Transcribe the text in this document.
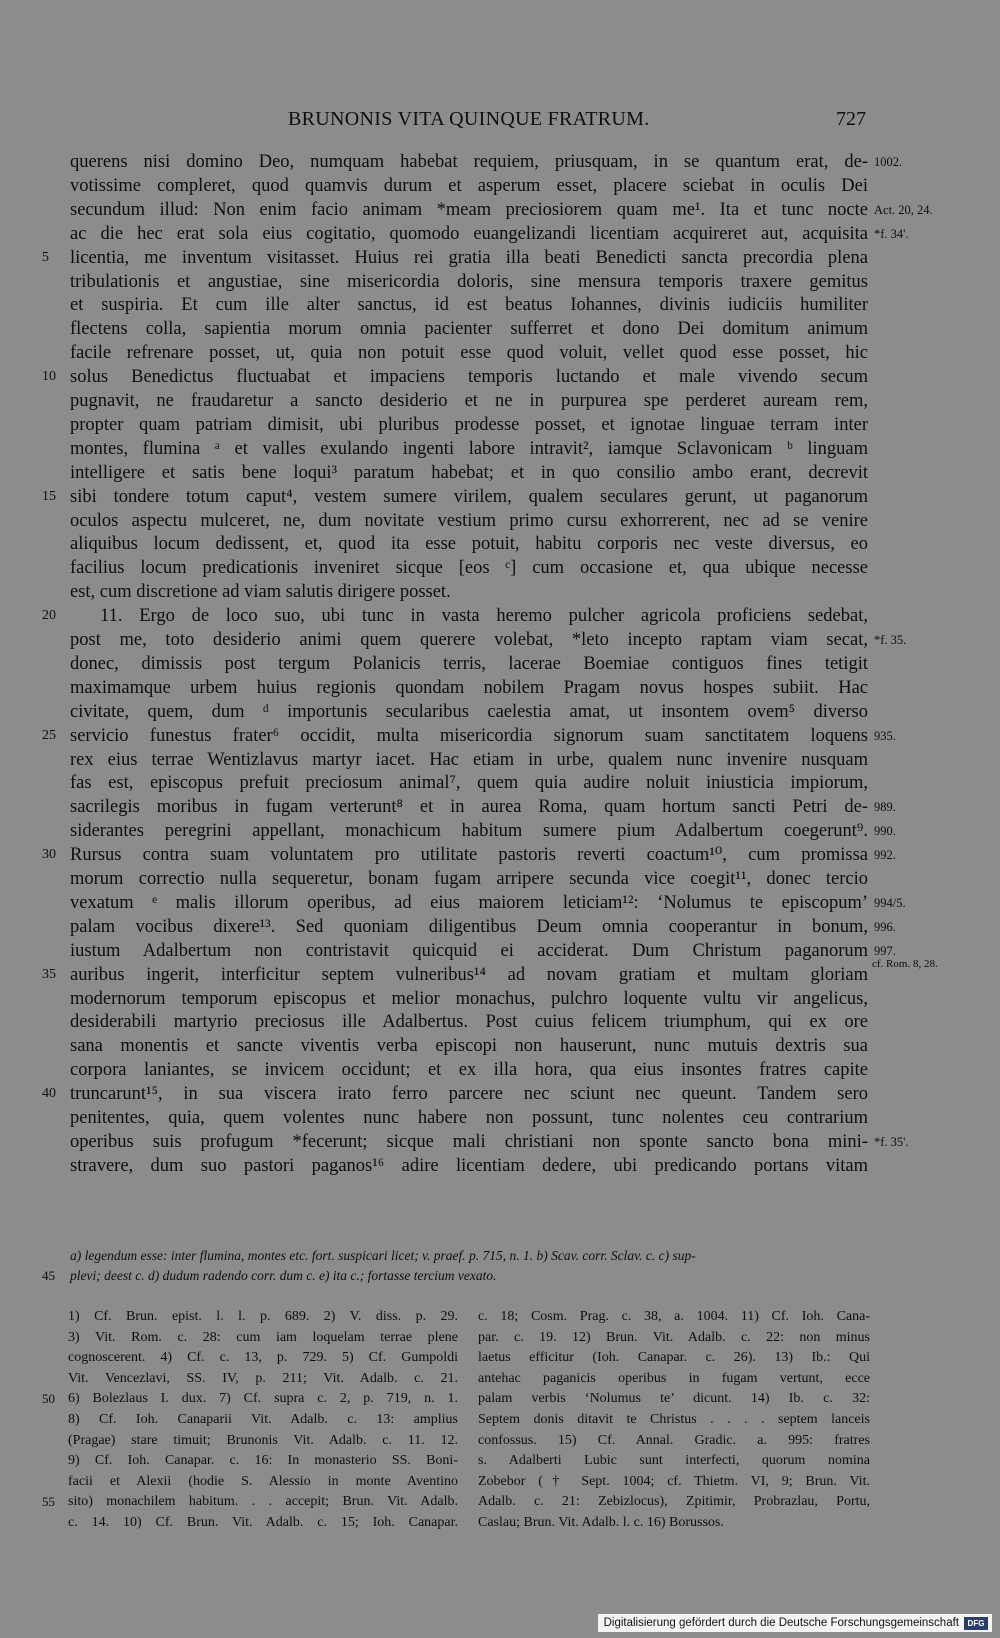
BRUNONIS VITA QUINQUE FRATRUM.	727
querens nisi domino Deo, numquam habebat requiem, priusquam, in se quantum erat, de- 1002.
votissime compleret, quod quamvis durum et asperum esset, placere sciebat in oculis Dei
secundum illud: Non enim facio animam *meam preciosiorem quam me¹. Ita et tunc nocte Act. 20, 24.
ac die hec erat sola eius cogitatio, quomodo euangelizandi licentiam acquireret aut, acquisita *f. 34'.
5	licentia, me inventum visitasset. Huius rei gratia illa beati Benedicti sancta precordia plena
tribulationis et angustiae, sine misericordia doloris, sine mensura temporis traxere gemitus
et suspiria. Et cum ille alter sanctus, id est beatus Iohannes, divinis iudiciis humiliter
flectens colla, sapientia morum omnia pacienter sufferret et dono Dei domitum animum
facile refrenare posset, ut, quia non potuit esse quod voluit, vellet quod esse posset, hic
10 solus Benedictus fluctuabat et impaciens temporis luctando et male vivendo secum
pugnavit, ne fraudaretur a sancto desiderio et ne in purpurea spe perderet auream rem,
propter quam patriam dimisit, ubi pluribus prodesse posset, et ignotae linguae terram inter
montes, flumina ᵃ et valles exulando ingenti labore intravit², iamque Sclavonicam ᵇ linguam
intelligere et satis bene loqui³ paratum habebat; et in quo consilio ambo erant, decrevit
15 sibi tondere totum caput⁴, vestem sumere virilem, qualem seculares gerunt, ut paganorum
oculos aspectu mulceret, ne, dum novitate vestium primo cursu exhorrerent, nec ad se venire
aliquibus locum dedissent, et, quod ita esse potuit, habitu corporis nec veste diversus, eo
facilius locum predicationis inveniret sicque [eos ᶜ] cum occasione et, qua ubique necesse
est, cum discretione ad viam salutis dirigere posset.
20	11. Ergo de loco suo, ubi tunc in vasta heremo pulcher agricola proficiens sedebat,
post me, toto desiderio animi quem querere volebat, *leto incepto raptam viam secat, *f. 35.
donec, dimissis post tergum Polanicis terris, lacerae Boemiae contiguos fines tetigit
maximamque urbem huius regionis quondam nobilem Pragam novus hospes subiit. Hac
civitate, quem, dum ᵈ importunis secularibus caelestia amat, ut insontem ovem⁵ diverso
25 servicio funestus frater⁶ occidit, multa misericordia signorum suam sanctitatem loquens 935.
rex eius terrae Wentizlavus martyr iacet. Hac etiam in urbe, qualem nunc invenire nusquam
fas est, episcopus prefuit preciosum animal⁷, quem quia audire noluit iniusticia impiorum,
sacrilegis moribus in fugam verterunt⁸ et in aurea Roma, quam hortum sancti Petri de- 989.
siderantes peregrini appellant, monachicum habitum sumere pium Adalbertum coegerunt⁹. 990.
30 Rursus contra suam voluntatem pro utilitate pastoris reverti coactum¹⁰, cum promissa 992.
morum correctio nulla sequeretur, bonam fugam arripere secunda vice coegit¹¹, donec tercio
vexatum ᵉ malis illorum operibus, ad eius maiorem leticiam¹²: ‘Nolumus te episcopum’ 994/5.
palam vocibus dixere¹³. Sed quoniam diligentibus Deum omnia cooperantur in bonum, 996.
iustum Adalbertum non contristavit quicquid ei acciderat. Dum Christum paganorum 997.
35 auribus ingerit, interficitur septem vulneribus¹⁴ ad novam gratiam et multam gloriam
modernorum temporum episcopus et melior monachus, pulchro loquente vultu vir angelicus,
desiderabili martyrio preciosus ille Adalbertus. Post cuius felicem triumphum, qui ex ore
sana monentis et sancte viventis verba episcopi non hauserunt, nunc mutuis dextris sua
corpora laniantes, se invicem occidunt; et ex illa hora, qua eius insontes fratres capite
40 truncarunt¹⁵, in sua viscera irato ferro parcere nec sciunt nec queunt. Tandem sero
penitentes, quia, quem volentes nunc habere non possunt, tunc nolentes ceu contrarium
operibus suis profugum *fecerunt; sicque mali christiani non sponte sancto bona mini- *f. 35'.
stravere, dum suo pastori paganos¹⁶ adire licentiam dedere, ubi predicando portans vitam
cf. Rom. 8, 28.
a) legendum esse: inter flumina, montes etc. fort. suspicari licet; v. praef. p. 715, n. 1. b) Scav. corr. Sclav. c. c) sup-
45 plevi; deest c. d) dudum radendo corr. dum c. e) ita c.; fortasse tercium vexato.
1) Cf. Brun. epist. l. l. p. 689. 2) V. diss. p. 29. c. 18; Cosm. Prag. c. 38, a. 1004. 11) Cf. Ioh. Cana-
3) Vit. Rom. c. 28: cum iam loquelam terrae plene par. c. 19. 12) Brun. Vit. Adalb. c. 22: non minus
cognoscerent. 4) Cf. c. 13, p. 729. 5) Cf. Gumpoldi laetus efficitur (Ioh. Canapar. c. 26). 13) Ib.: Qui
Vit. Vencezlavi, SS. IV, p. 211; Vit. Adalb. c. 21. antehac paganicis operibus in fugam vertunt, ecce
50 6) Bolezlaus I. dux. 7) Cf. supra c. 2, p. 719, n. 1. palam verbis ‘Nolumus te’ dicunt. 14) Ib. c. 32:
8) Cf. Ioh. Canaparii Vit. Adalb. c. 13: amplius Septem donis ditavit te Christus . . . . septem lanceis
(Pragae) stare timuit; Brunonis Vit. Adalb. c. 11. 12. confossus. 15) Cf. Annal. Gradic. a. 995: fratres
9) Cf. Ioh. Canapar. c. 16: In monasterio SS. Boni- s. Adalberti Lubic sunt interfecti, quorum nomina
facii et Alexii (hodie S. Alessio in monte Aventino Zobebor († Sept. 1004; cf. Thietm. VI, 9; Brun. Vit.
55 sito) monachilem habitum. . . accepit; Brun. Vit. Adalb. Adalb. c. 21: Zebizlocus), Zpitimir, Probrazlau, Portu,
c. 14. 10) Cf. Brun. Vit. Adalb. c. 15; Ioh. Canapar. Caslau; Brun. Vit. Adalb. l. c. 16) Borussos.
Digitalisierung gefördert durch die Deutsche Forschungsgemeinschaft	DFG
